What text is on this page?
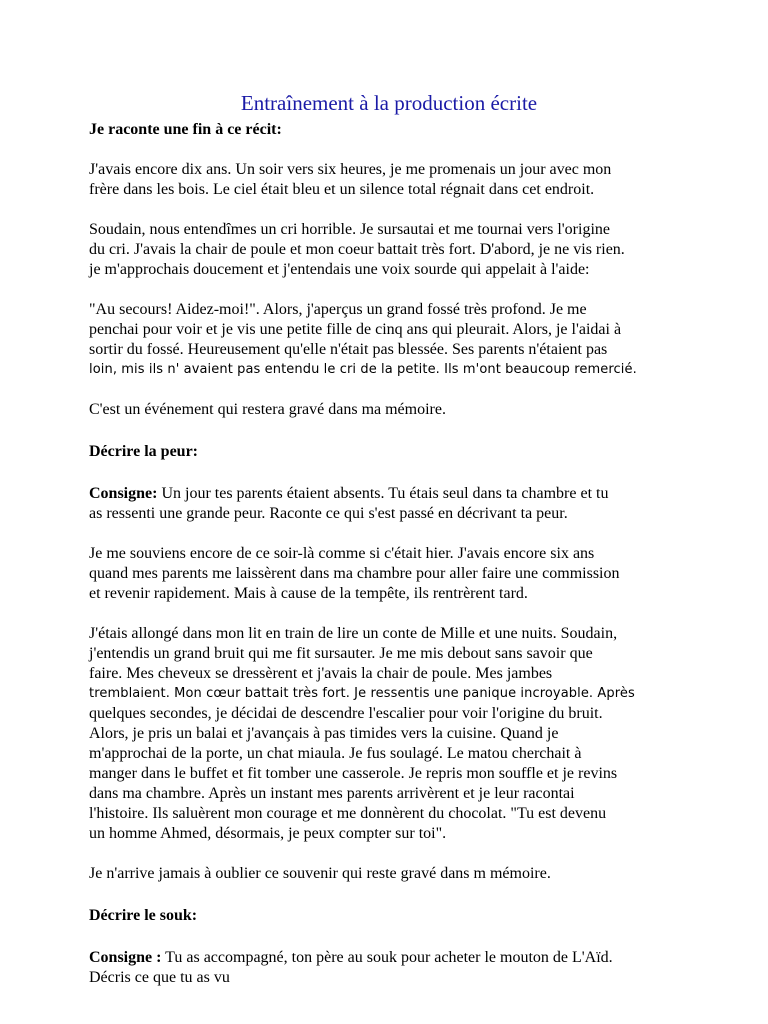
Entraînement à la production écrite

Je raconte une fin à ce récit:

J'avais encore dix ans. Un soir vers six heures, je me promenais un jour avec mon
frère dans les bois. Le ciel était bleu et un silence total régnait dans cet endroit.

Soudain, nous entendîmes un cri horrible. Je sursautai et me tournai vers l'origine
du cri. J'avais la chair de poule et mon coeur battait très fort. D'abord, je ne vis rien.
je m'approchais doucement et j'entendais une voix sourde qui appelait à l'aide:

"Au secours! Aidez-moi!". Alors, j'aperçus un grand fossé très profond. Je me
penchai pour voir et je vis une petite fille de cinq ans qui pleurait. Alors, je l'aidai à
sortir du fossé. Heureusement qu'elle n'était pas blessée. Ses parents n'étaient pas
loin, mis ils n' avaient pas entendu le cri de la petite. Ils m'ont beaucoup remercié.

C'est un événement qui restera gravé dans ma mémoire.

Décrire la peur:

Consigne: Un jour tes parents étaient absents. Tu étais seul dans ta chambre et tu
as ressenti une grande peur. Raconte ce qui s'est passé en décrivant ta peur.

Je me souviens encore de ce soir-là comme si c'était hier. J'avais encore six ans
quand mes parents me laissèrent dans ma chambre pour aller faire une commission
et revenir rapidement. Mais à cause de la tempête, ils rentrèrent tard.

J'étais allongé dans mon lit en train de lire un conte de Mille et une nuits. Soudain,
j'entendis un grand bruit qui me fit sursauter. Je me mis debout sans savoir que
faire. Mes cheveux se dressèrent et j'avais la chair de poule. Mes jambes
tremblaient. Mon cœur battait très fort. Je ressentis une panique incroyable. Après
quelques secondes, je décidai de descendre l'escalier pour voir l'origine du bruit.
Alors, je pris un balai et j'avançais à pas timides vers la cuisine. Quand je
m'approchai de la porte, un chat miaula. Je fus soulagé. Le matou cherchait à
manger dans le buffet et fit tomber une casserole. Je repris mon souffle et je revins
dans ma chambre. Après un instant mes parents arrivèrent et je leur racontai
l'histoire. Ils saluèrent mon courage et me donnèrent du chocolat. "Tu est devenu
un homme Ahmed, désormais, je peux compter sur toi".

Je n'arrive jamais à oublier ce souvenir qui reste gravé dans m mémoire.

Décrire le souk:

Consigne : Tu as accompagné, ton père au souk pour acheter le mouton de L'Aïd.
Décris ce que tu as vu
